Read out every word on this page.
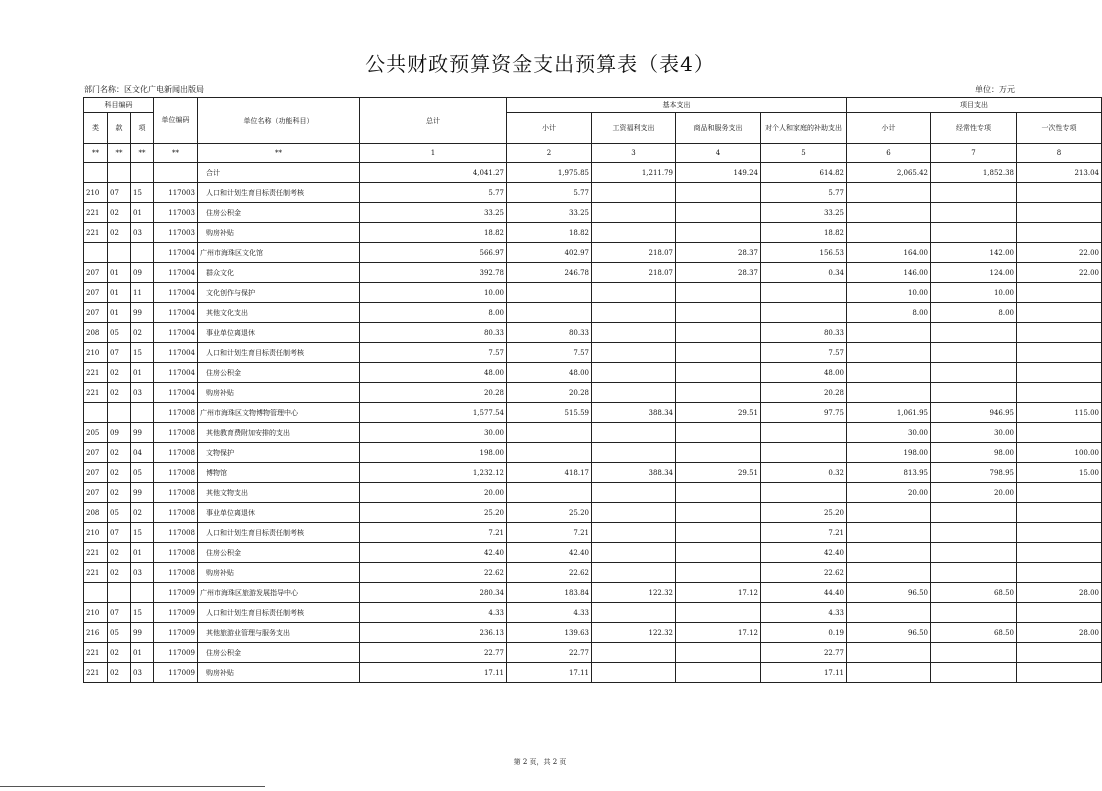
公共财政预算资金支出预算表（表4）
部门名称：区文化广电新闻出版局	单位：万元
科目编码			单位编码	单位名称（功能科目）	总计	基本支出				项目支出		
类	款	项				小计	工资福利支出	商品和服务支出	对个人和家庭的补助支出	小计	经常性专项	一次性专项
**	**	**	**	**	1	2	3	4	5	6	7	8
				合计	4,041.27	1,975.85	1,211.79	149.24	614.82	2,065.42	1,852.38	213.04
210	07	15	117003	人口和计划生育目标责任制考核	5.77	5.77			5.77			
221	02	01	117003	住房公积金	33.25	33.25			33.25			
221	02	03	117003	购房补贴	18.82	18.82			18.82			
			117004	广州市海珠区文化馆	566.97	402.97	218.07	28.37	156.53	164.00	142.00	22.00
207	01	09	117004	群众文化	392.78	246.78	218.07	28.37	0.34	146.00	124.00	22.00
207	01	11	117004	文化创作与保护	10.00					10.00	10.00	
207	01	99	117004	其他文化支出	8.00					8.00	8.00	
208	05	02	117004	事业单位离退休	80.33	80.33			80.33			
210	07	15	117004	人口和计划生育目标责任制考核	7.57	7.57			7.57			
221	02	01	117004	住房公积金	48.00	48.00			48.00			
221	02	03	117004	购房补贴	20.28	20.28			20.28			
			117008	广州市海珠区文物博物管理中心	1,577.54	515.59	388.34	29.51	97.75	1,061.95	946.95	115.00
205	09	99	117008	其他教育费附加安排的支出	30.00					30.00	30.00	
207	02	04	117008	文物保护	198.00					198.00	98.00	100.00
207	02	05	117008	博物馆	1,232.12	418.17	388.34	29.51	0.32	813.95	798.95	15.00
207	02	99	117008	其他文物支出	20.00					20.00	20.00	
208	05	02	117008	事业单位离退休	25.20	25.20			25.20			
210	07	15	117008	人口和计划生育目标责任制考核	7.21	7.21			7.21			
221	02	01	117008	住房公积金	42.40	42.40			42.40			
221	02	03	117008	购房补贴	22.62	22.62			22.62			
			117009	广州市海珠区旅游发展指导中心	280.34	183.84	122.32	17.12	44.40	96.50	68.50	28.00
210	07	15	117009	人口和计划生育目标责任制考核	4.33	4.33			4.33			
216	05	99	117009	其他旅游业管理与服务支出	236.13	139.63	122.32	17.12	0.19	96.50	68.50	28.00
221	02	01	117009	住房公积金	22.77	22.77			22.77			
221	02	03	117009	购房补贴	17.11	17.11			17.11			
第 2 页，共 2 页
